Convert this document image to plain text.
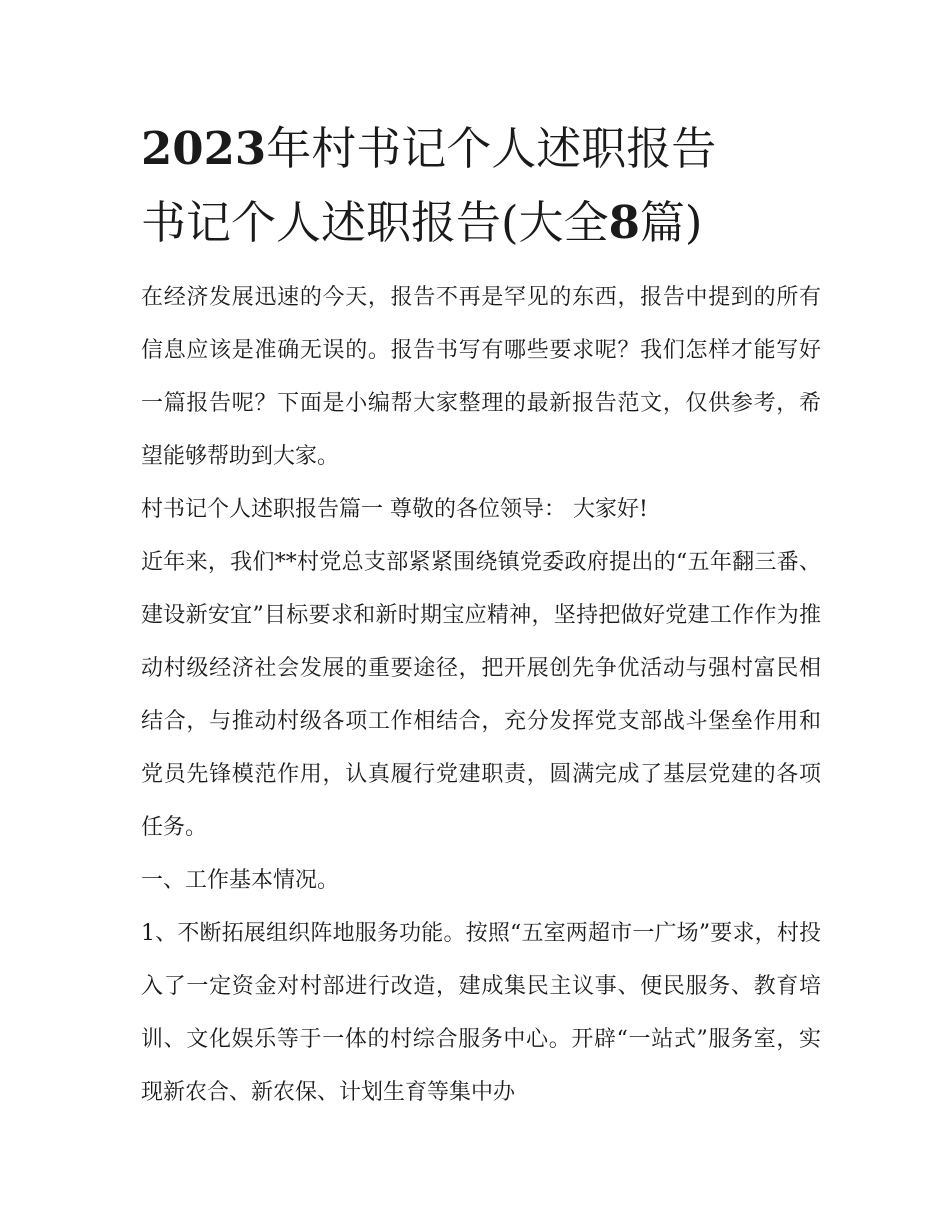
2023年村书记个人述职报告
书记个人述职报告(大全8篇)

在经济发展迅速的今天，报告不再是罕见的东西，报告中提到的所有信息应该是准确无误的。报告书写有哪些要求呢？我们怎样才能写好一篇报告呢？下面是小编帮大家整理的最新报告范文，仅供参考，希望能够帮助到大家。

村书记个人述职报告篇一 尊敬的各位领导： 大家好!

近年来，我们**村党总支部紧紧围绕镇党委政府提出的“五年翻三番、建设新安宜”目标要求和新时期宝应精神，坚持把做好党建工作作为推动村级经济社会发展的重要途径，把开展创先争优活动与强村富民相结合，与推动村级各项工作相结合，充分发挥党支部战斗堡垒作用和党员先锋模范作用，认真履行党建职责，圆满完成了基层党建的各项任务。

一、工作基本情况。

1、不断拓展组织阵地服务功能。按照“五室两超市一广场”要求，村投入了一定资金对村部进行改造，建成集民主议事、便民服务、教育培训、文化娱乐等于一体的村综合服务中心。开辟“一站式”服务室，实现新农合、新农保、计划生育等集中办
